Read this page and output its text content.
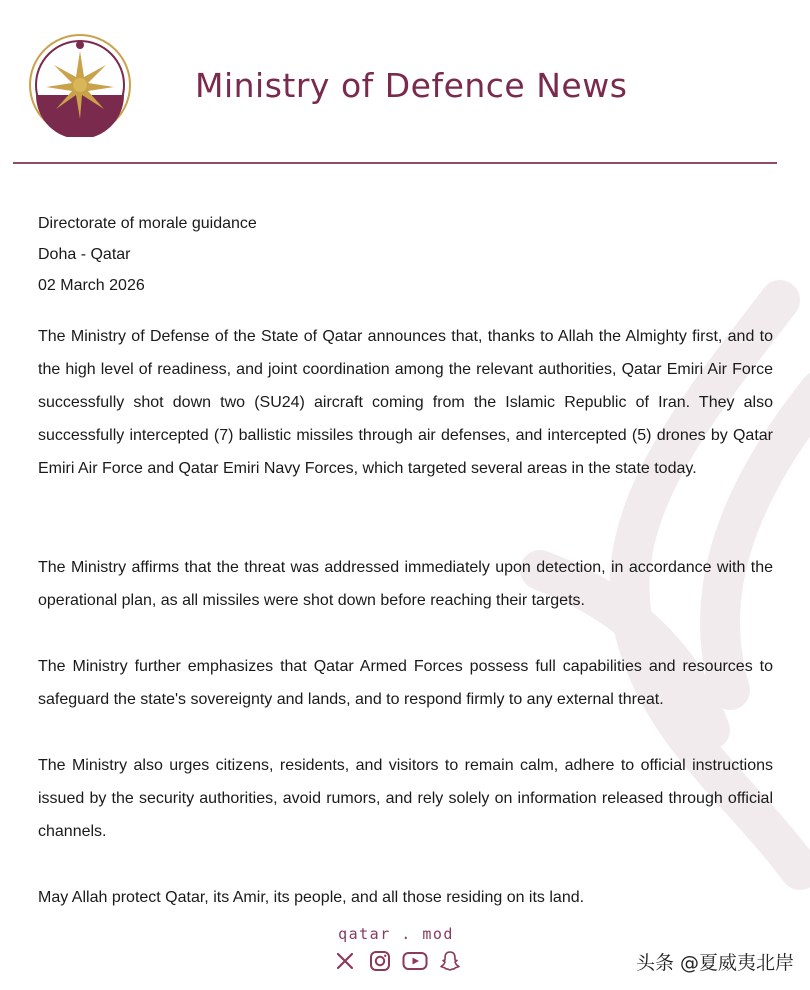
القوات المسلحة
Ministry of Defence News
Directorate of morale guidance
Doha - Qatar
02 March 2026
The Ministry of Defense of the State of Qatar announces that, thanks to Allah the Almighty first, and to the high level of readiness, and joint coordination among the relevant authorities, Qatar Emiri Air Force successfully shot down two (SU24) aircraft coming from the Islamic Republic of Iran. They also successfully intercepted (7) ballistic missiles through air defenses, and intercepted (5) drones by Qatar Emiri Air Force and Qatar Emiri Navy Forces, which targeted several areas in the state today.
The Ministry affirms that the threat was addressed immediately upon detection, in accordance with the operational plan, as all missiles were shot down before reaching their targets.
The Ministry further emphasizes that Qatar Armed Forces possess full capabilities and resources to safeguard the state's sovereignty and lands, and to respond firmly to any external threat.
The Ministry also urges citizens, residents, and visitors to remain calm, adhere to official instructions issued by the security authorities, avoid rumors, and rely solely on information released through official channels.
May Allah protect Qatar, its Amir, its people, and all those residing on its land.
qatar . mod
头条 @夏威夷北岸
